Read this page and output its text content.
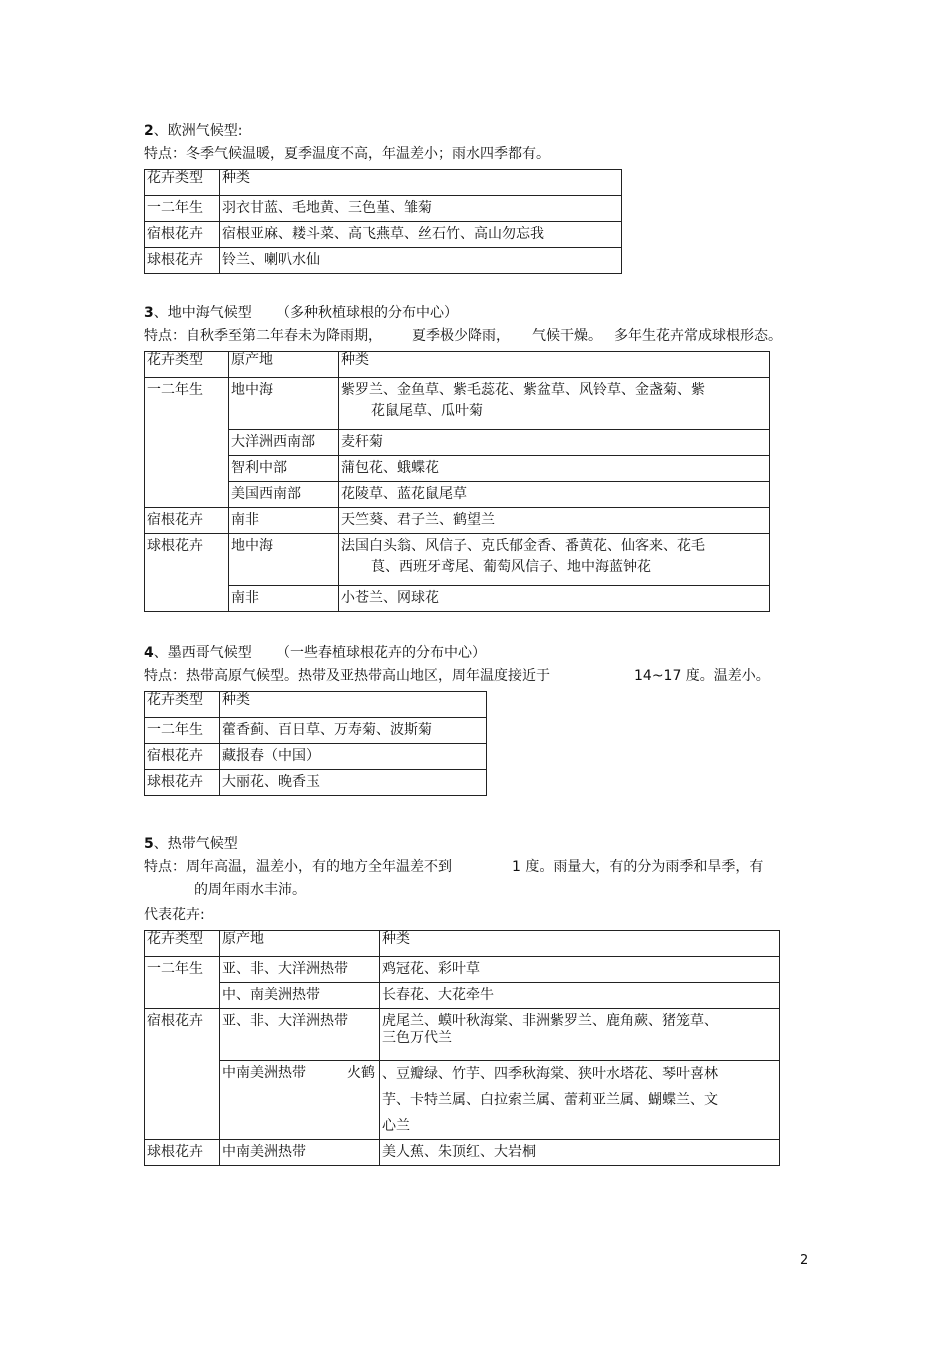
2、欧洲气候型:
特点：冬季气候温暖，夏季温度不高，年温差小；雨水四季都有。
花卉类型	种类
一二年生	羽衣甘蓝、毛地黄、三色堇、雏菊
宿根花卉	宿根亚麻、耧斗菜、高飞燕草、丝石竹、高山勿忘我
球根花卉	铃兰、喇叭水仙
3、地中海气候型 （多种秋植球根的分布中心）
特点：自秋季至第二年春未为降雨期， 夏季极少降雨， 气候干燥。 多年生花卉常成球根形态。
花卉类型	原产地	种类
一二年生	地中海	紫罗兰、金鱼草、紫毛蕊花、紫盆草、风铃草、金盏菊、紫
花鼠尾草、瓜叶菊

	大洋洲西南部	麦秆菊
	智利中部	蒲包花、蛾蝶花
	美国西南部	花陵草、蓝花鼠尾草
宿根花卉	南非	天竺葵、君子兰、鹤望兰
球根花卉	地中海	法国白头翁、风信子、克氏郁金香、番黄花、仙客来、花毛
茛、西班牙鸢尾、葡萄风信子、地中海蓝钟花

	南非	小苍兰、网球花
4、墨西哥气候型 （一些春植球根花卉的分布中心）
特点：热带高原气候型。热带及亚热带高山地区，周年温度接近于	14~17 度。温差小。
花卉类型	种类
一二年生	藿香蓟、百日草、万寿菊、波斯菊
宿根花卉	藏报春（中国）
球根花卉	大丽花、晚香玉
5、热带气候型
特点：周年高温，温差小，有的地方全年温差不到	1 度。雨量大，有的分为雨季和旱季，有
的周年雨水丰沛。
代表花卉:
花卉类型	原产地	种类
一二年生	亚、非、大洋洲热带	鸡冠花、彩叶草
	中、南美洲热带	长春花、大花牵牛
宿根花卉	亚、非、大洋洲热带	虎尾兰、蟆叶秋海棠、非洲紫罗兰、鹿角蕨、猪笼草、
三色万代兰
	中南美洲热带 火鹤	、豆瓣绿、竹芋、四季秋海棠、狭叶水塔花、琴叶喜林
芋、卡特兰属、白拉索兰属、蕾莉亚兰属、蝴蝶兰、文
心兰
球根花卉	中南美洲热带	美人蕉、朱顶红、大岩桐
2
